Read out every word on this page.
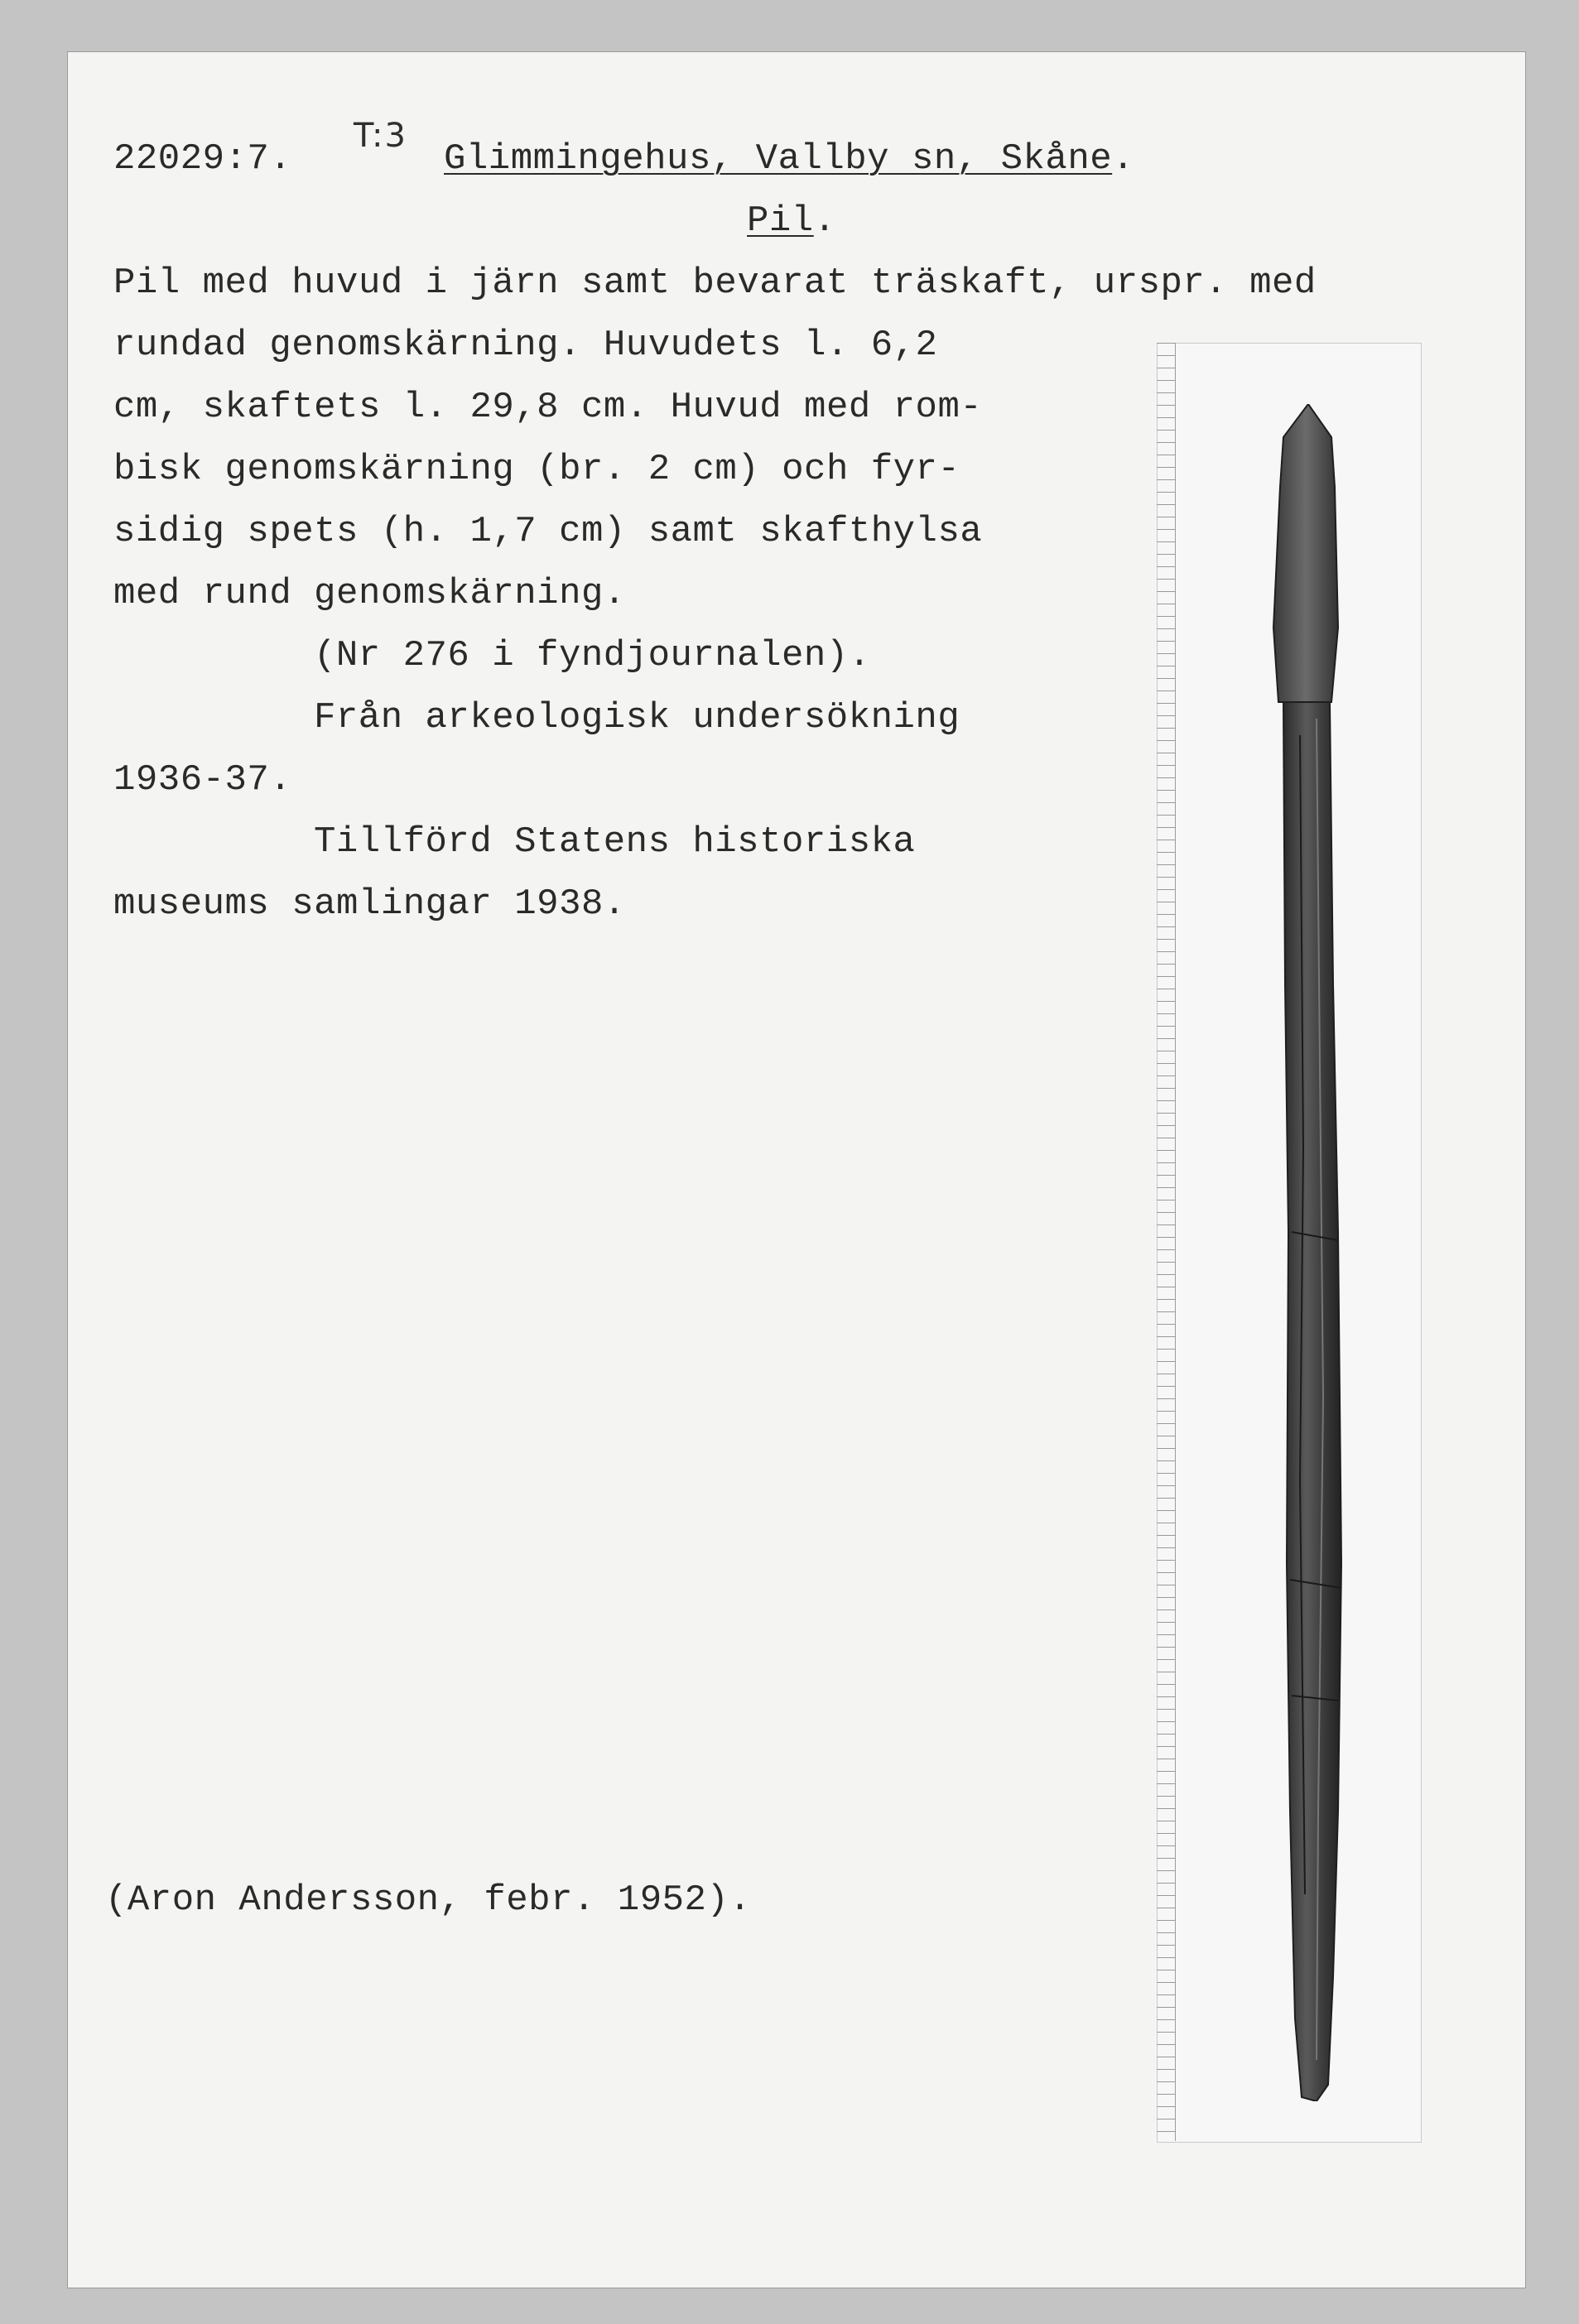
T:3
22029:7.	Glimmingehus, Vallby sn, Skåne.
Pil.
Pil med huvud i järn samt bevarat träskaft, urspr. med
rundad genomskärning. Huvudets l. 6,2
cm, skaftets l. 29,8 cm. Huvud med rom-
bisk genomskärning (br. 2 cm) och fyr-
sidig spets (h. 1,7 cm) samt skafthylsa
med rund genomskärning.
(Nr 276 i fyndjournalen).
Från arkeologisk undersökning
1936-37.
Tillförd Statens historiska
museums samlingar 1938.
(Aron Andersson, febr. 1952).
